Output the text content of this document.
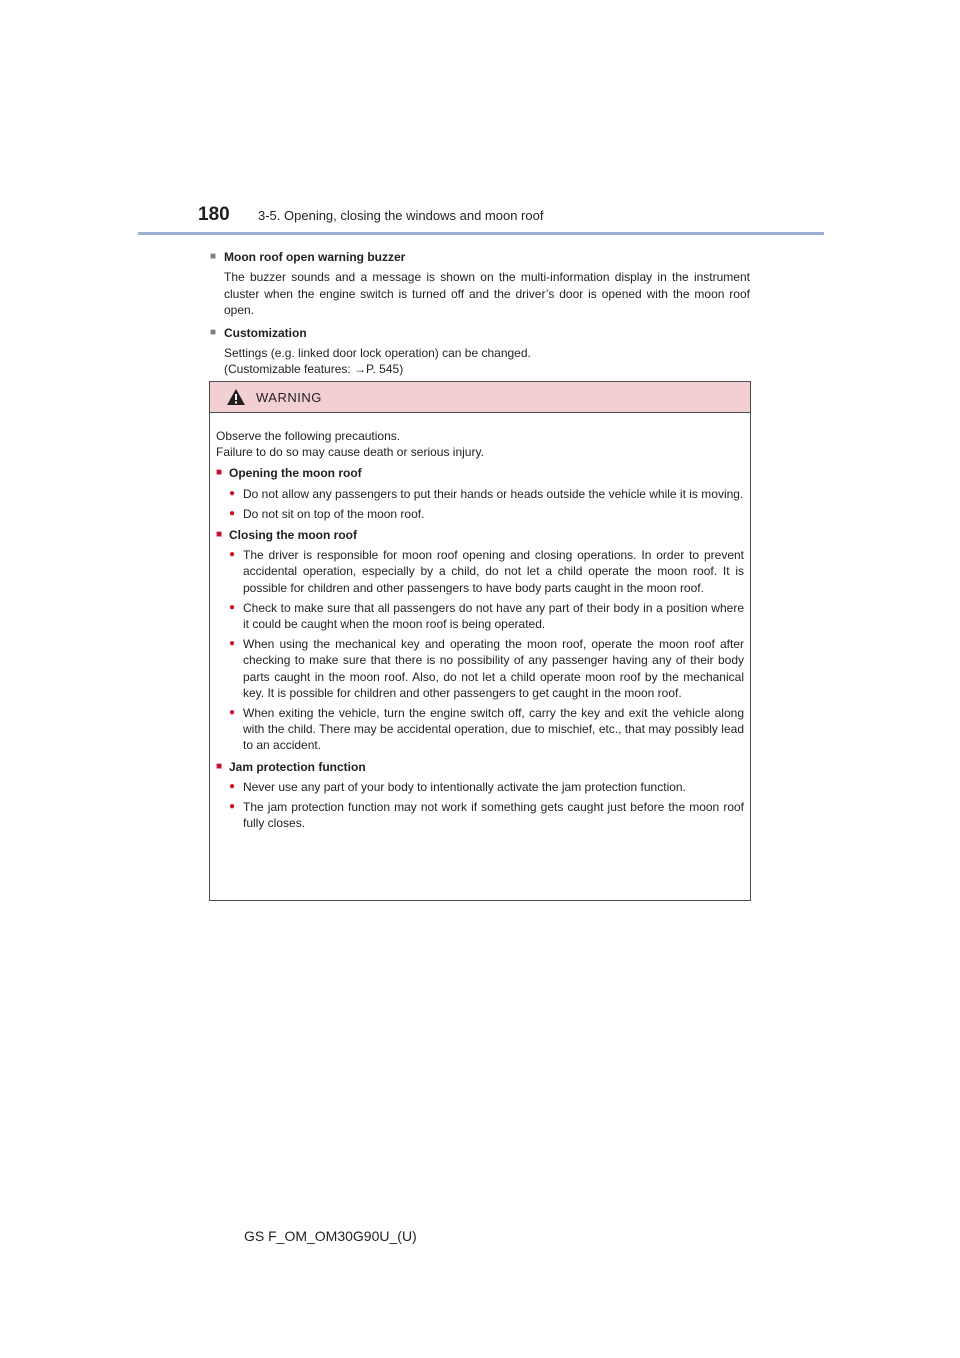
180	3-5. Opening, closing the windows and moon roof
■ Moon roof open warning buzzer
The buzzer sounds and a message is shown on the multi-information display in the instrument cluster when the engine switch is turned off and the driver’s door is opened with the moon roof open.
■ Customization
Settings (e.g. linked door lock operation) can be changed.
(Customizable features: →P. 545)
WARNING

Observe the following precautions.

Failure to do so may cause death or serious injury.

■ Opening the moon roof
● Do not allow any passengers to put their hands or heads outside the vehicle while it is moving.
● Do not sit on top of the moon roof.
■ Closing the moon roof
● The driver is responsible for moon roof opening and closing operations. In order to prevent accidental operation, especially by a child, do not let a child operate the moon roof. It is possible for children and other passengers to have body parts caught in the moon roof.
● Check to make sure that all passengers do not have any part of their body in a position where it could be caught when the moon roof is being operated.
● When using the mechanical key and operating the moon roof, operate the moon roof after checking to make sure that there is no possibility of any passenger having any of their body parts caught in the moon roof. Also, do not let a child operate moon roof by the mechanical key. It is possible for children and other passengers to get caught in the moon roof.
● When exiting the vehicle, turn the engine switch off, carry the key and exit the vehicle along with the child. There may be accidental operation, due to mischief, etc., that may possibly lead to an accident.
■ Jam protection function
● Never use any part of your body to intentionally activate the jam protection function.
● The jam protection function may not work if something gets caught just before the moon roof fully closes.
GS F_OM_OM30G90U_(U)
